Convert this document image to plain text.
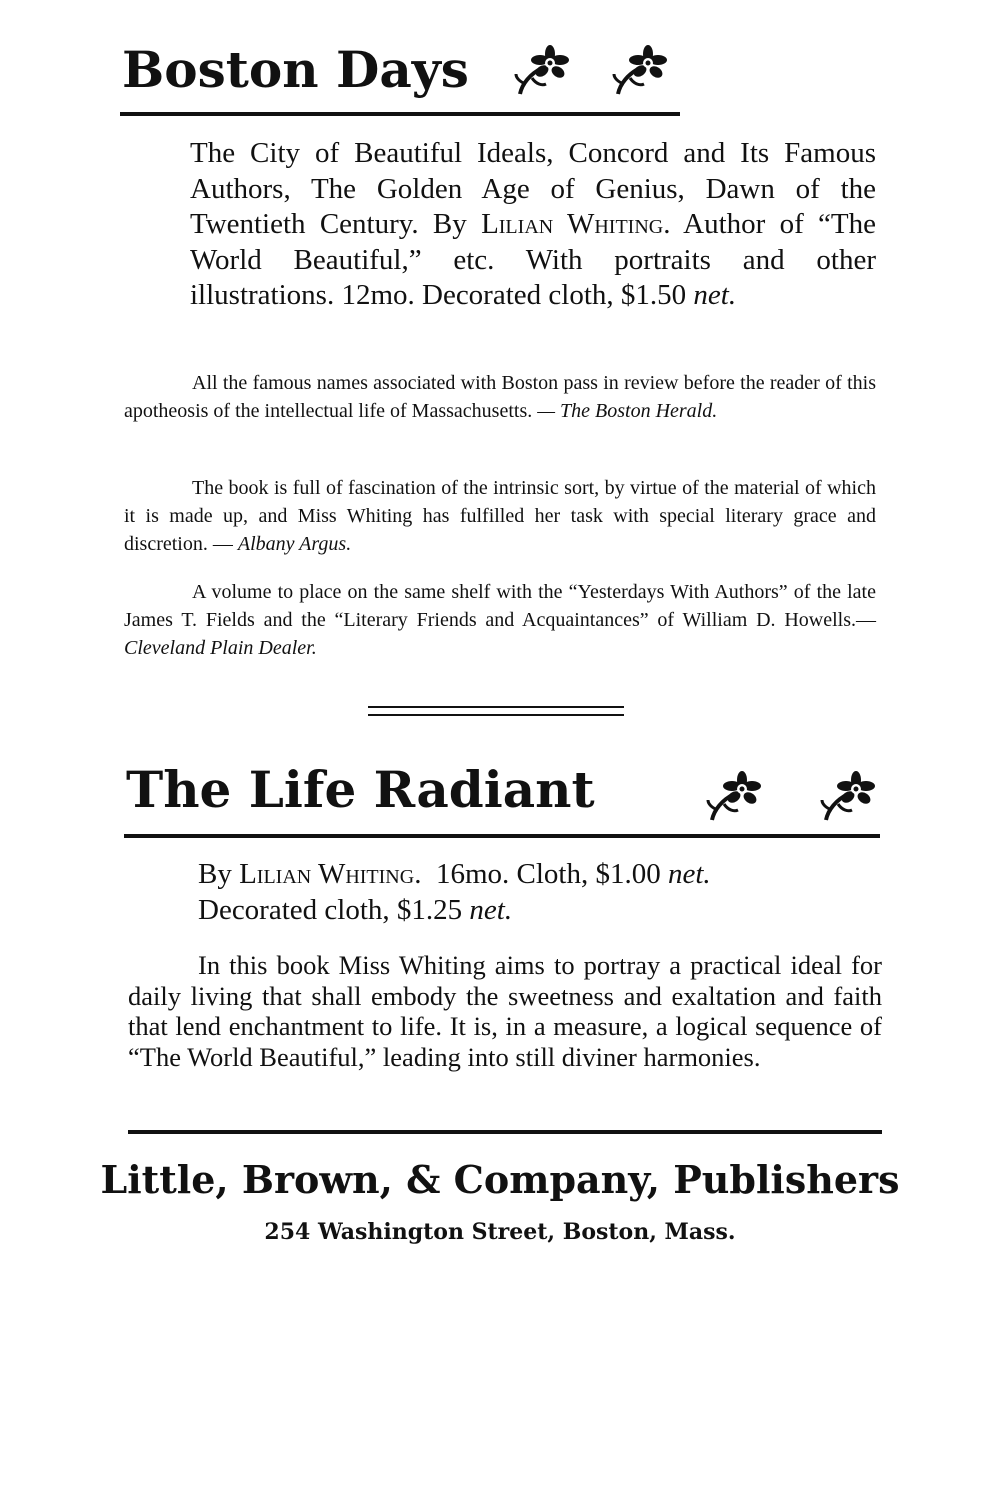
Boston Days

The City of Beautiful Ideals, Concord and Its Famous Authors, The Golden Age of Genius, Dawn of the Twentieth Century. By Lilian Whiting. Author of “The World Beautiful,” etc. With portraits and other illustrations. 12mo. Decorated cloth, $1.50 net.

All the famous names associated with Boston pass in review before the reader of this apotheosis of the intellectual life of Massachusetts. — The Boston Herald.

The book is full of fascination of the intrinsic sort, by virtue of the material of which it is made up, and Miss Whiting has fulfilled her task with special literary grace and discretion. — Albany Argus.

A volume to place on the same shelf with the “Yesterdays With Authors” of the late James T. Fields and the “Literary Friends and Acquaintances” of William D. Howells.— Cleveland Plain Dealer.

The Life Radiant

By Lilian Whiting. 16mo. Cloth, $1.00 net.
Decorated cloth, $1.25 net.

In this book Miss Whiting aims to portray a practical ideal for daily living that shall embody the sweetness and exaltation and faith that lend enchantment to life. It is, in a measure, a logical sequence of “The World Beautiful,” leading into still diviner harmonies.

Little, Brown, & Company, Publishers
254 Washington Street, Boston, Mass.
